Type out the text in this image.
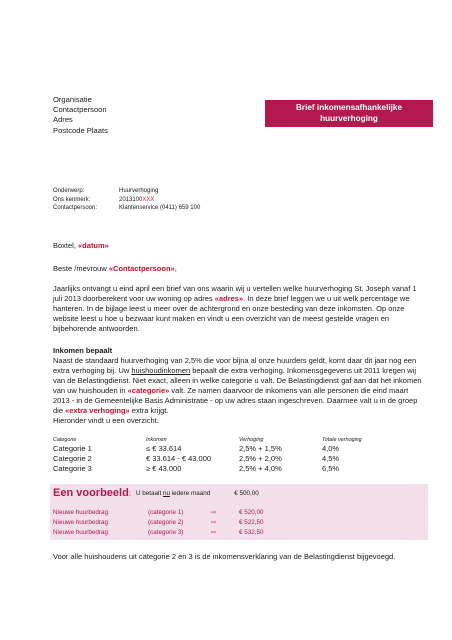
Organisatie
Contactpersoon
Adres
Postcode Plaats
Brief inkomensafhankelijke
huurverhoging
Onderwerp:	Huurverhoging
Ons kenmerk:	2013100 XXX
Contactpersoon:	Klantenservice (0411) 659 100
Boxtel, «datum»
Beste /mevrouw «Contactpersoon»,

Jaarlijks ontvangt u eind april een brief van ons waarin wij u vertellen welke huurverhoging St. Joseph vanaf 1 juli 2013 doorberekent voor uw woning op adres «adres». In deze brief leggen we u uit welk percentage we hanteren. In de bijlage leest u meer over de achtergrond en onze besteding van deze inkomsten. Op onze website leest u hoe u bezwaar kunt maken en vindt u een overzicht van de meest gestelde vragen en bijbehorende antwoorden.

Inkomen bepaalt

Naast de standaard huurverhoging van 2,5% die voor bijna al onze huurders geldt, komt daar dit jaar nog een extra verhoging bij. Uw huishoudinkomen bepaalt die extra verhoging. Inkomensgegevens uit 2011 kregen wij van de Belastingdienst. Niet exact, alleen in welke categorie u valt. De Belastingdienst gaf aan dat het inkomen van uw huishouden in «categorie» valt. Ze namen daarvoor de inkomens van alle personen die eind maart 2013 - in de Gemeentelijke Basis Administratie - op uw adres staan ingeschreven. Daarmee valt u in de groep die «extra verhoging» extra krijgt.

Hieronder vindt u een overzicht.

Categorie	Inkomen	Verhoging	Totale verhoging
Categorie 1	≤ € 33.614	2,5% + 1,5%	4,0%
Categorie 2	€ 33.614 - € 43.000	2,5% + 2,0%	4,5%
Categorie 3	≥ € 43.000	2,5% + 4,0%	6,5%
Een voorbeeld: U betaalt nu iedere maand	€ 500,00
Nieuwe huurbedrag	(categorie 1)	⇨	€ 520,00
Nieuwe huurbedrag	(categorie 2)	⇨	€ 522,50
Nieuwe huurbedrag	(categorie 3)	⇨	€ 532,50
Voor alle huishoudens uit categorie 2 en 3 is de inkomensverklaring van de Belastingdienst bijgevoegd.
